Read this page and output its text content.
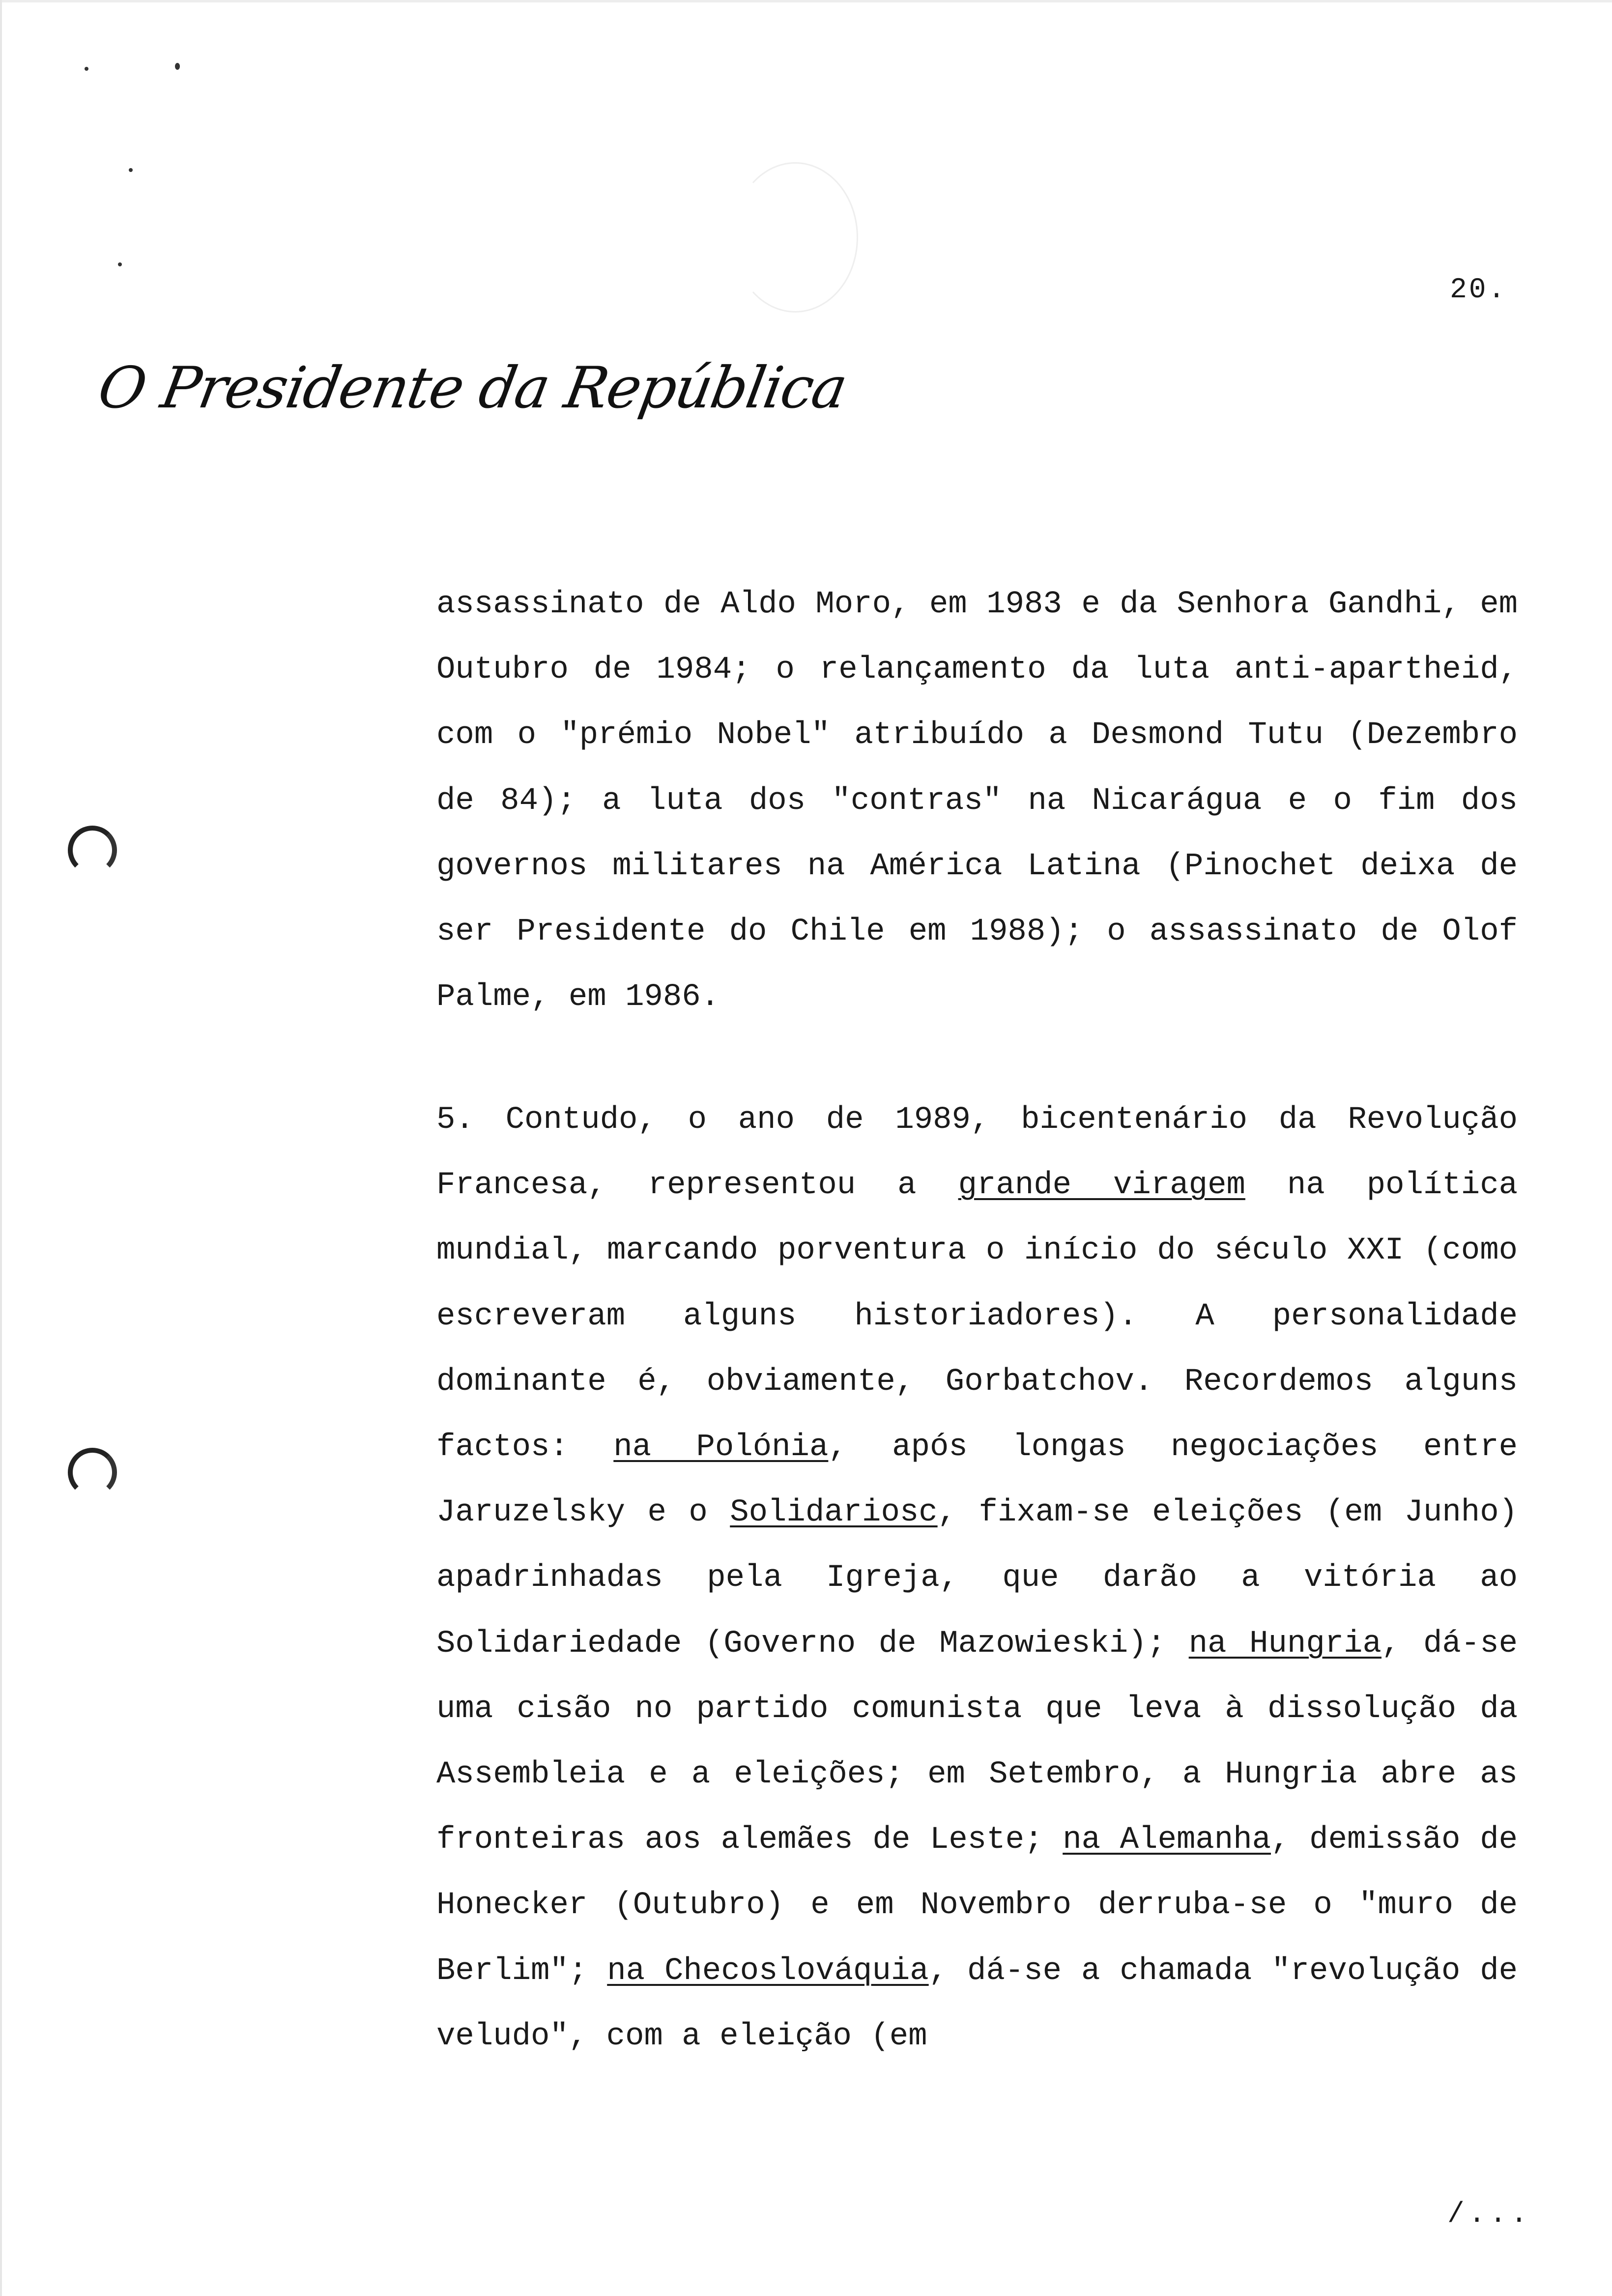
20.
O Presidente da República

assassinato de Aldo Moro, em 1983 e da Senhora Gandhi, em Outubro de 1984; o relançamento da luta anti-apartheid, com o "prémio Nobel" atribuído a Desmond Tutu (Dezembro de 84); a luta dos "contras" na Nicarágua e o fim dos governos militares na América Latina (Pinochet deixa de ser Presidente do Chile em 1988); o assassinato de Olof Palme, em 1986.

5. Contudo, o ano de 1989, bicentenário da Revolução Francesa, representou a grande viragem na política mundial, marcando porventura o início do século XXI (como escreveram alguns historiadores). A personalidade dominante é, obviamente, Gorbatchov. Recordemos alguns factos: na Polónia, após longas negociações entre Jaruzelsky e o Solidariosc, fixam-se eleições (em Junho) apadrinhadas pela Igreja, que darão a vitória ao Solidariedade (Governo de Mazowieski); na Hungria, dá-se uma cisão no partido comunista que leva à dissolução da Assembleia e a eleições; em Setembro, a Hungria abre as fronteiras aos alemães de Leste; na Alemanha, demissão de Honecker (Outubro) e em Novembro derruba-se o "muro de Berlim"; na Checoslováquia, dá-se a chamada "revolução de veludo", com a eleição (em

/...
